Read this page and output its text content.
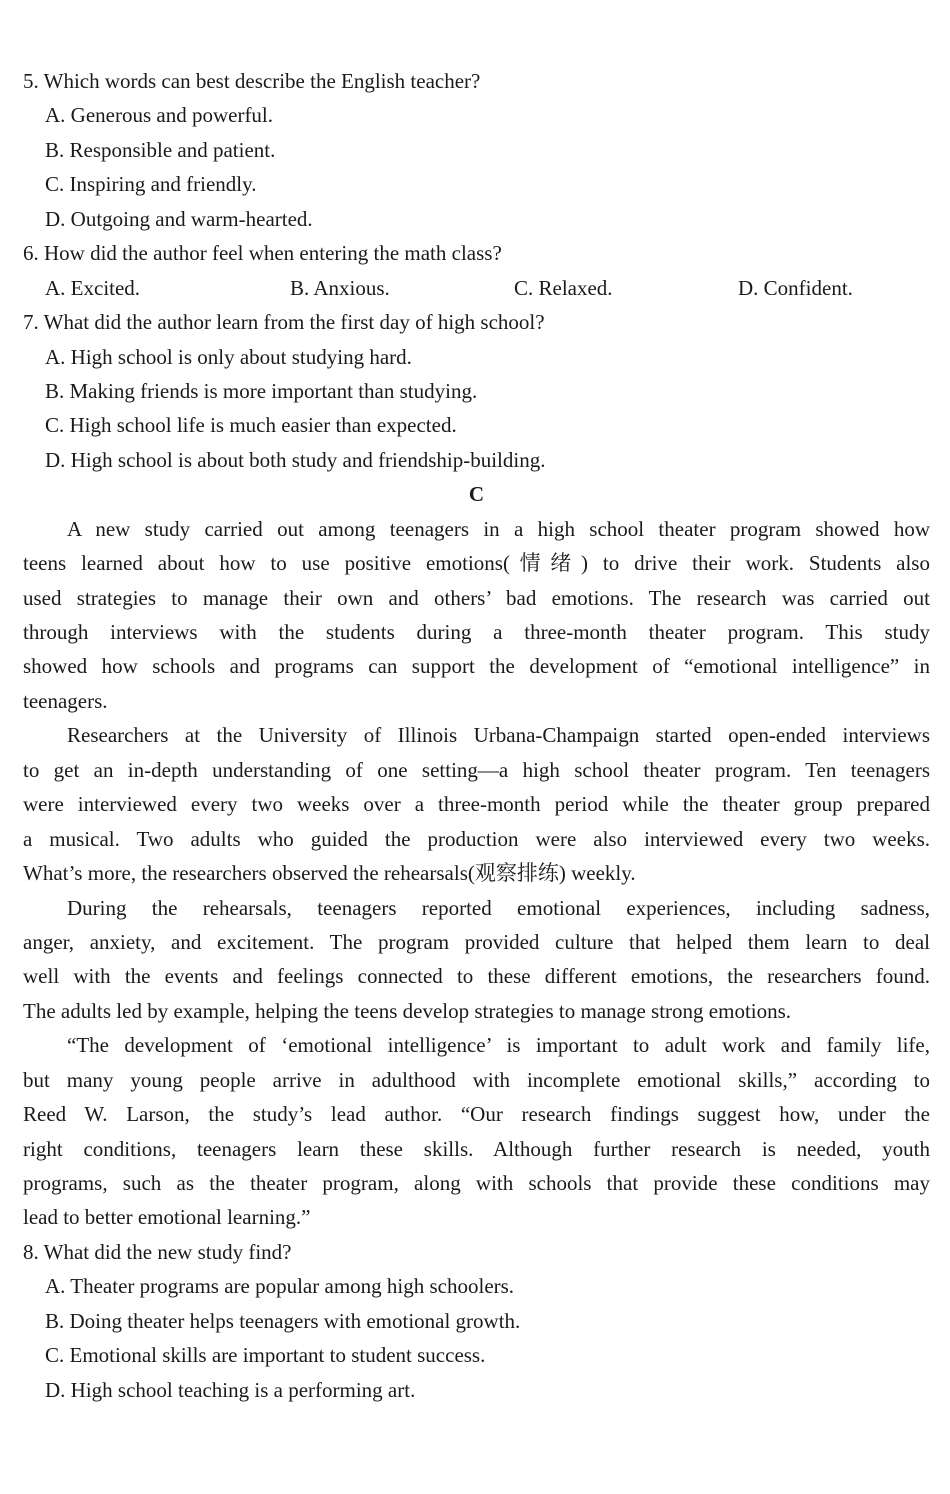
5. Which words can best describe the English teacher?
A. Generous and powerful.
B. Responsible and patient.
C. Inspiring and friendly.
D. Outgoing and warm-hearted.
6. How did the author feel when entering the math class?
A. Excited.	B. Anxious.	C. Relaxed.	D. Confident.
7. What did the author learn from the first day of high school?
A. High school is only about studying hard.
B. Making friends is more important than studying.
C. High school life is much easier than expected.
D. High school is about both study and friendship-building.
C
A new study carried out among teenagers in a high school theater program showed how
teens learned about how to use positive emotions(情绪) to drive their work. Students also
used strategies to manage their own and others’ bad emotions. The research was carried out
through interviews with the students during a three-month theater program. This study
showed how schools and programs can support the development of “emotional intelligence” in
teenagers.
Researchers at the University of Illinois Urbana-Champaign started open-ended interviews
to get an in-depth understanding of one setting—a high school theater program. Ten teenagers
were interviewed every two weeks over a three-month period while the theater group prepared
a musical. Two adults who guided the production were also interviewed every two weeks.
What’s more, the researchers observed the rehearsals(观察排练) weekly.
During the rehearsals, teenagers reported emotional experiences, including sadness,
anger, anxiety, and excitement. The program provided culture that helped them learn to deal
well with the events and feelings connected to these different emotions, the researchers found.
The adults led by example, helping the teens develop strategies to manage strong emotions.
“The development of ‘emotional intelligence’ is important to adult work and family life,
but many young people arrive in adulthood with incomplete emotional skills,” according to
Reed W. Larson, the study’s lead author. “Our research findings suggest how, under the
right conditions, teenagers learn these skills. Although further research is needed, youth
programs, such as the theater program, along with schools that provide these conditions may
lead to better emotional learning.”
8. What did the new study find?
A. Theater programs are popular among high schoolers.
B. Doing theater helps teenagers with emotional growth.
C. Emotional skills are important to student success.
D. High school teaching is a performing art.
